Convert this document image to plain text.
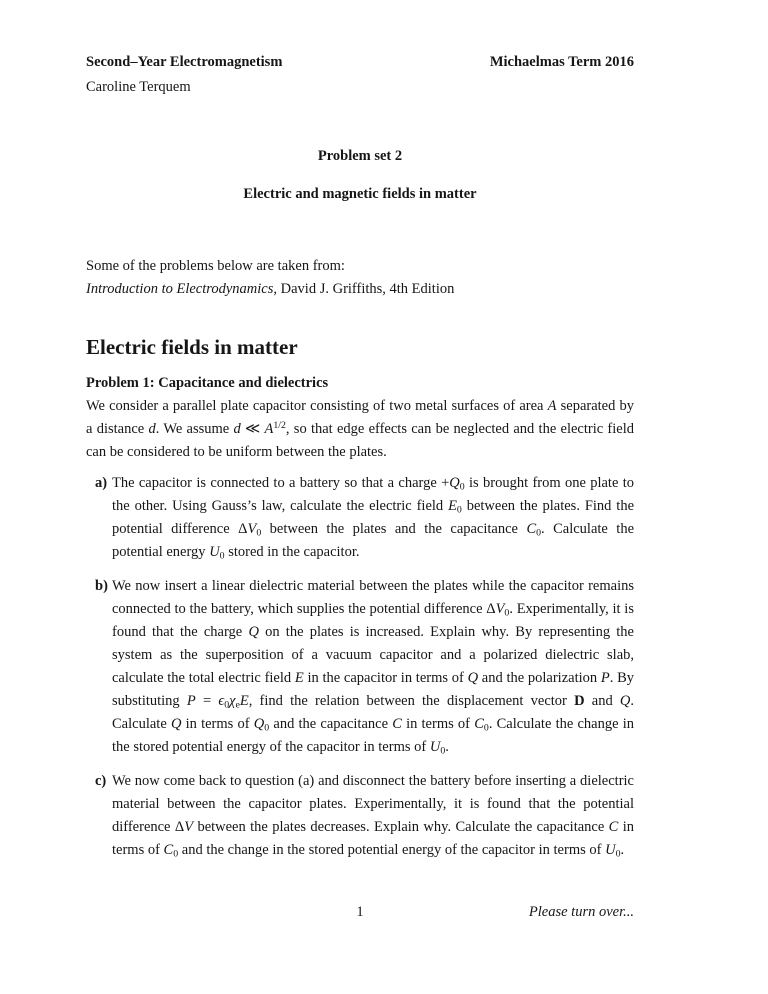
Second–Year Electromagnetism	Michaelmas Term 2016
Caroline Terquem
Problem set 2
Electric and magnetic fields in matter
Some of the problems below are taken from:
Introduction to Electrodynamics, David J. Griffiths, 4th Edition
Electric fields in matter
Problem 1: Capacitance and dielectrics

We consider a parallel plate capacitor consisting of two metal surfaces of area A separated by a distance d. We assume d ≪ $A^{1/2}$, so that edge effects can be neglected and the electric field can be considered to be uniform between the plates.

a) The capacitor is connected to a battery so that a charge $+Q_0$ is brought from one plate to the other. Using Gauss’s law, calculate the electric field $E_0$ between the plates. Find the potential difference $\Delta V_0$ between the plates and the capacitance $C_0$. Calculate the potential energy $U_0$ stored in the capacitor.
b) We now insert a linear dielectric material between the plates while the capacitor remains connected to the battery, which supplies the potential difference $\Delta V_0$. Experimentally, it is found that the charge Q on the plates is increased. Explain why. By representing the system as the superposition of a vacuum capacitor and a polarized dielectric slab, calculate the total electric field E in the capacitor in terms of Q and the polarization P. By substituting $P = \epsilon_0\chi_eE$, find the relation between the displacement vector D and Q. Calculate Q in terms of $Q_0$ and the capacitance C in terms of $C_0$. Calculate the change in the stored potential energy of the capacitor in terms of $U_0$.
c) We now come back to question (a) and disconnect the battery before inserting a dielectric material between the capacitor plates. Experimentally, it is found that the potential difference ΔV between the plates decreases. Explain why. Calculate the capacitance C in terms of $C_0$ and the change in the stored potential energy of the capacitor in terms of $U_0$.
1	Please turn over...
